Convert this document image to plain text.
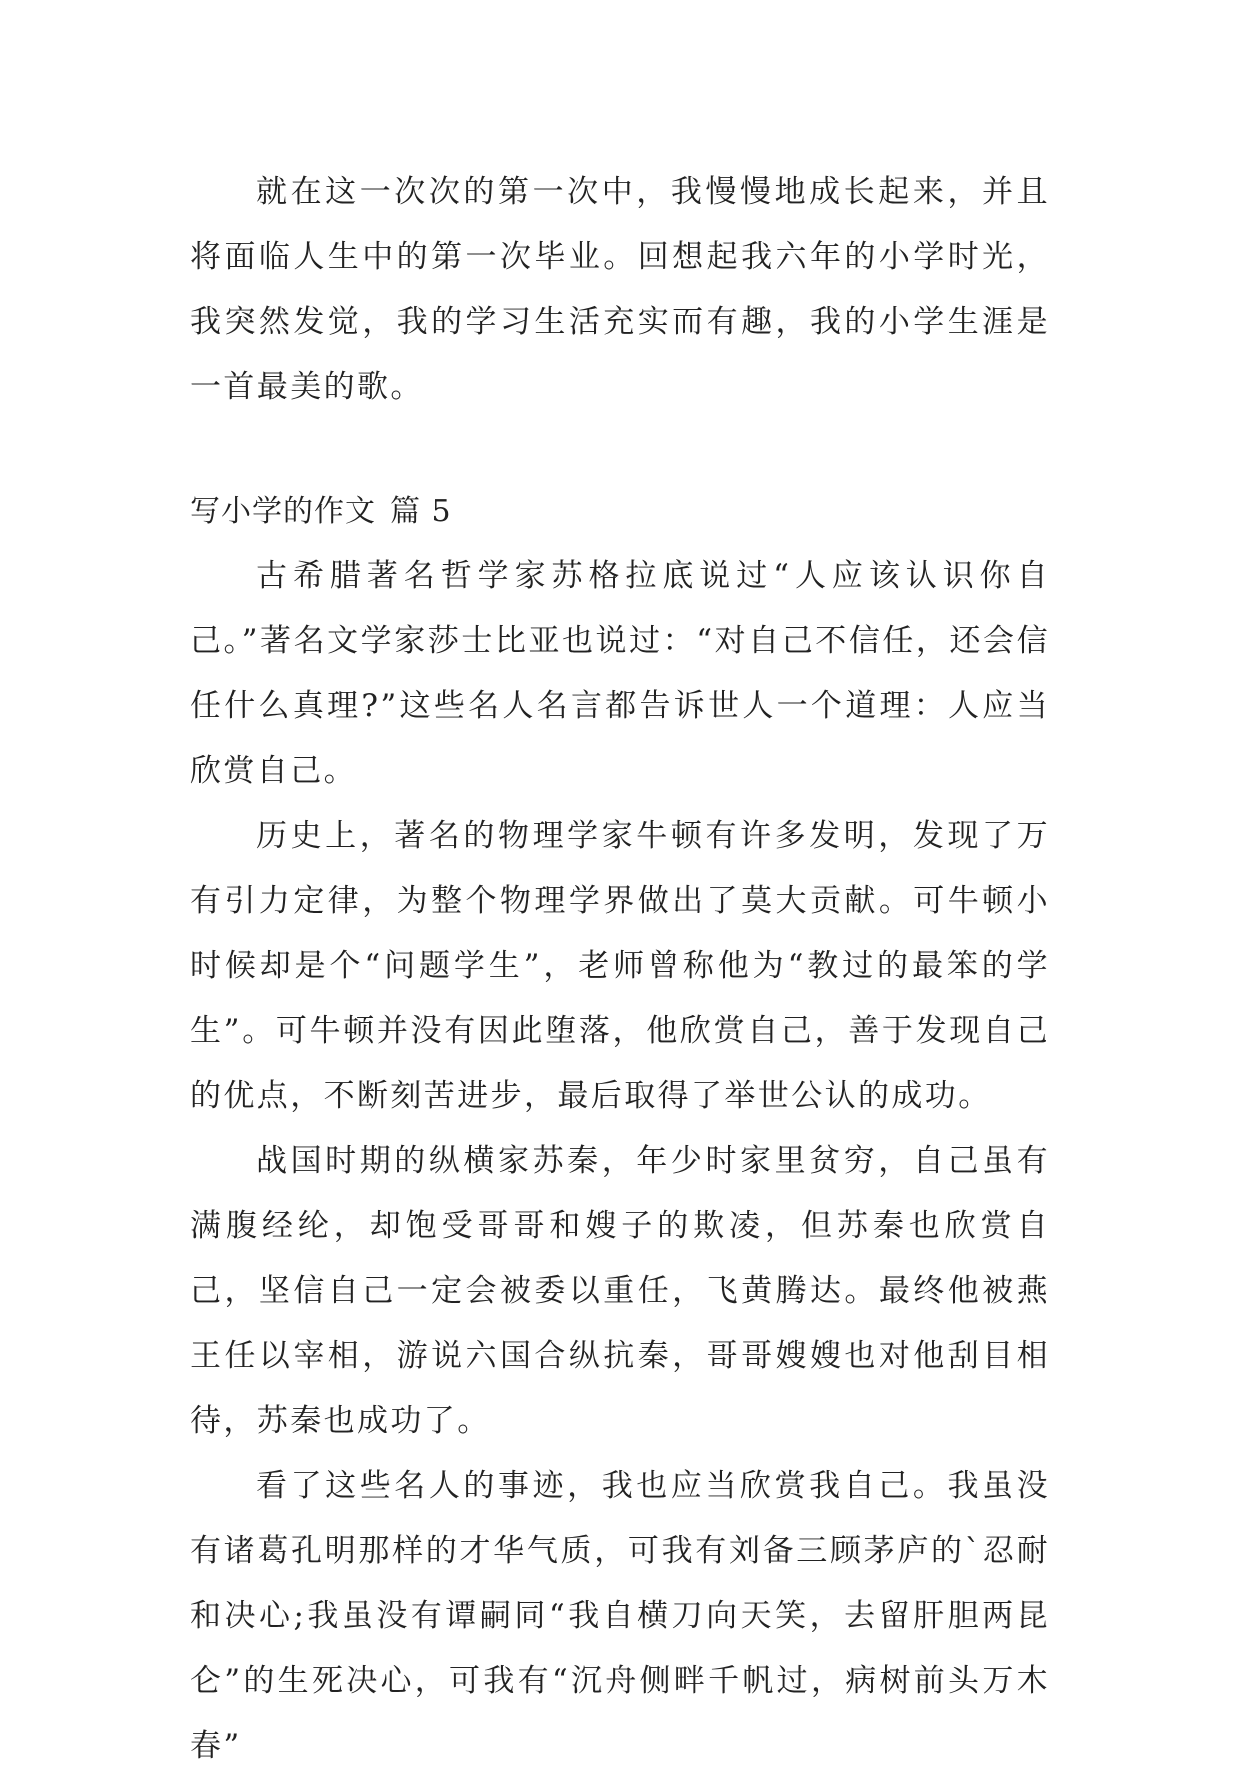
就在这一次次的第一次中，我慢慢地成长起来，并且将面临人生中的第一次毕业。回想起我六年的小学时光，我突然发觉，我的学习生活充实而有趣，我的小学生涯是一首最美的歌。

写小学的作文 篇 5

古希腊著名哲学家苏格拉底说过“人应该认识你自己。”著名文学家莎士比亚也说过：“对自己不信任，还会信任什么真理?”这些名人名言都告诉世人一个道理：人应当欣赏自己。

历史上，著名的物理学家牛顿有许多发明，发现了万有引力定律，为整个物理学界做出了莫大贡献。可牛顿小时候却是个“问题学生”，老师曾称他为“教过的最笨的学生”。可牛顿并没有因此堕落，他欣赏自己，善于发现自己的优点，不断刻苦进步，最后取得了举世公认的成功。

战国时期的纵横家苏秦，年少时家里贫穷，自己虽有满腹经纶，却饱受哥哥和嫂子的欺凌，但苏秦也欣赏自己，坚信自己一定会被委以重任，飞黄腾达。最终他被燕王任以宰相，游说六国合纵抗秦，哥哥嫂嫂也对他刮目相待，苏秦也成功了。

看了这些名人的事迹，我也应当欣赏我自己。我虽没有诸葛孔明那样的才华气质，可我有刘备三顾茅庐的`忍耐和决心;我虽没有谭嗣同“我自横刀向天笑，去留肝胆两昆仑”的生死决心，可我有“沉舟侧畔千帆过，病树前头万木春”
